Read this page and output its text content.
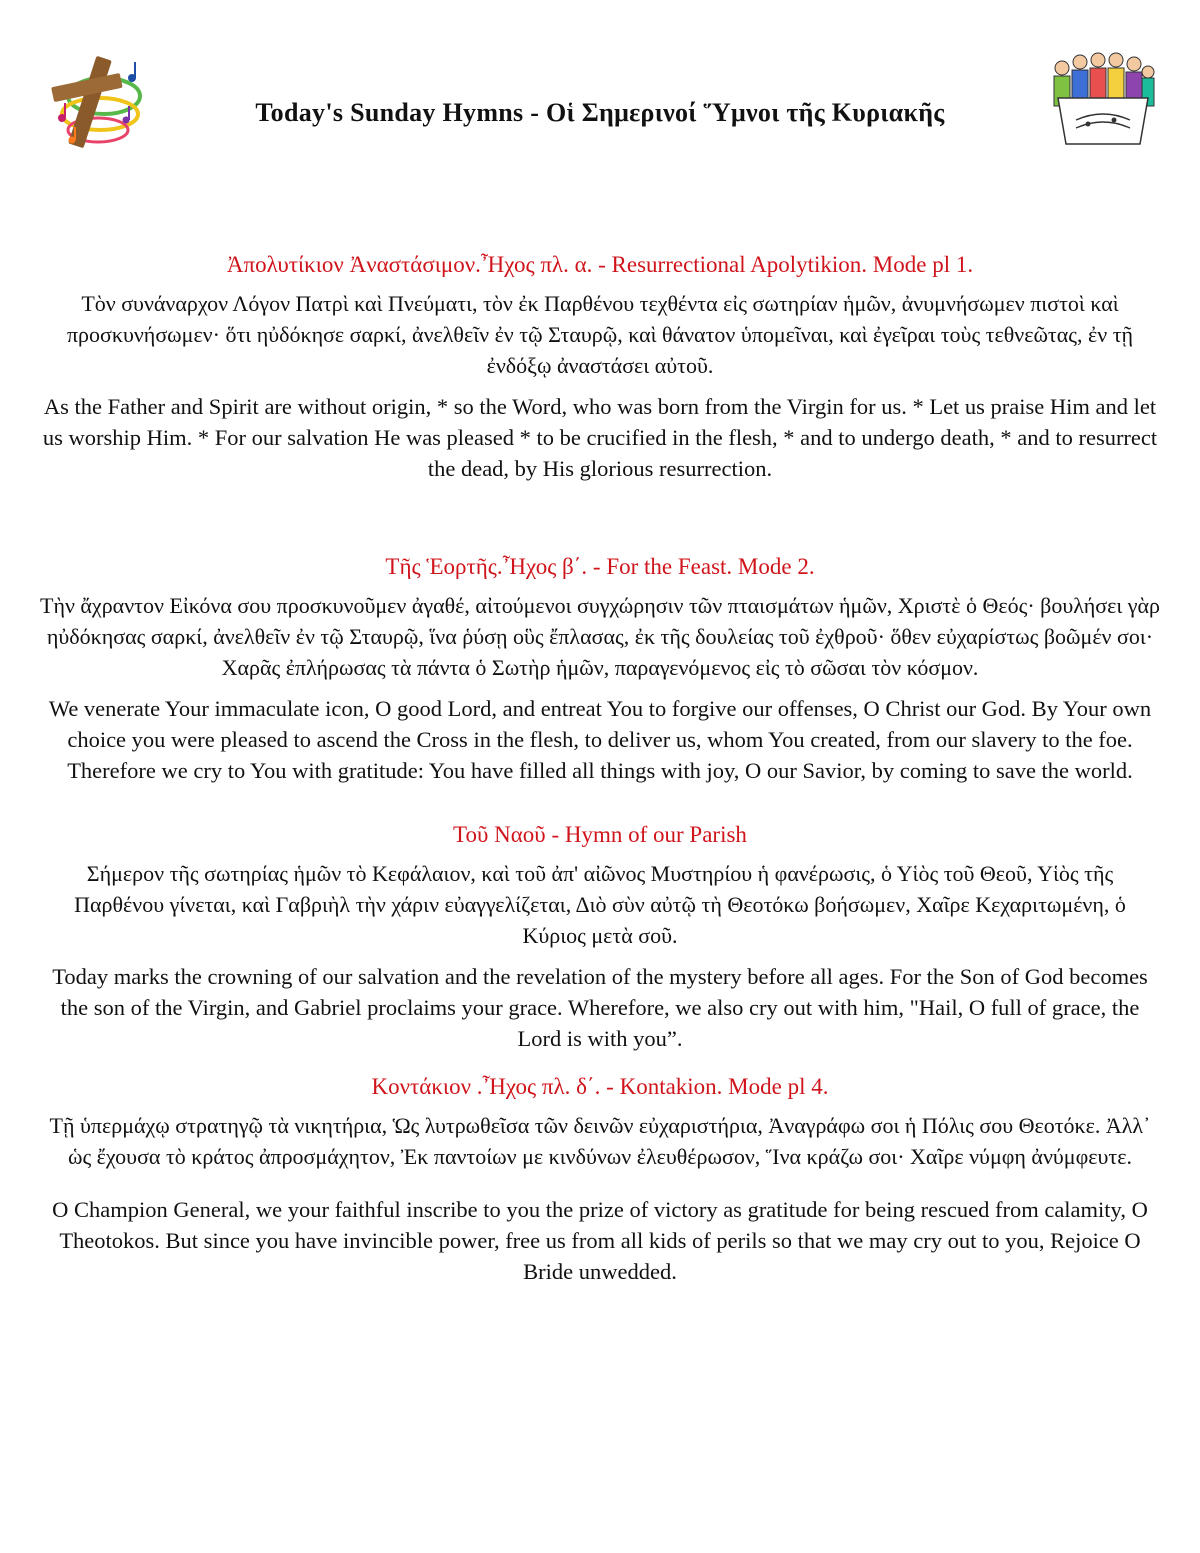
Today's Sunday Hymns - Οἱ Σημερινοί Ὕμνοι τῆς Κυριακῆς

Ἀπολυτίκιον Ἀναστάσιμον.Ἦχος πλ. α. - Resurrectional Apolytikion. Mode pl 1.

Τὸν συνάναρχον Λόγον Πατρὶ καὶ Πνεύματι, τὸν ἐκ Παρθένου τεχθέντα εἰς σωτηρίαν ἡμῶν, ἀνυμνήσωμεν πιστοὶ καὶ προσκυνήσωμεν· ὅτι ηὐδόκησε σαρκί, ἀνελθεῖν ἐν τῷ Σταυρῷ, καὶ θάνατον ὑπομεῖναι, καὶ ἐγεῖραι τοὺς τεθνεῶτας, ἐν τῇ ἐνδόξῳ ἀναστάσει αὐτοῦ.

As the Father and Spirit are without origin, * so the Word, who was born from the Virgin for us. * Let us praise Him and let us worship Him. * For our salvation He was pleased * to be crucified in the flesh, * and to undergo death, * and to resurrect the dead, by His glorious resurrection.

Τῆς Ἑορτῆς.Ἦχος β΄. - For the Feast. Mode 2.

Τὴν ἄχραντον Εἰκόνα σου προσκυνοῦμεν ἀγαθέ, αἰτούμενοι συγχώρησιν τῶν πταισμάτων ἡμῶν, Χριστὲ ὁ Θεός· βουλήσει γὰρ ηὐδόκησας σαρκί, ἀνελθεῖν ἐν τῷ Σταυρῷ, ἵνα ῥύσῃ οὓς ἔπλασας, ἐκ τῆς δουλείας τοῦ ἐχθροῦ· ὅθεν εὐχαρίστως βοῶμέν σοι· Χαρᾶς ἐπλήρωσας τὰ πάντα ὁ Σωτὴρ ἡμῶν, παραγενόμενος εἰς τὸ σῶσαι τὸν κόσμον.

We venerate Your immaculate icon, O good Lord, and entreat You to forgive our offenses, O Christ our God. By Your own choice you were pleased to ascend the Cross in the flesh, to deliver us, whom You created, from our slavery to the foe. Therefore we cry to You with gratitude: You have filled all things with joy, O our Savior, by coming to save the world.

Τοῦ Ναοῦ - Hymn of our Parish

Σήμερον τῆς σωτηρίας ἡμῶν τὸ Κεφάλαιον, καὶ τοῦ ἀπ' αἰῶνος Μυστηρίου ἡ φανέρωσις, ὁ Υἱὸς τοῦ Θεοῦ, Υἱὸς τῆς Παρθένου γίνεται, καὶ Γαβριὴλ τὴν χάριν εὐαγγελίζεται, Διὸ σὺν αὐτῷ τὴ Θεοτόκω βοήσωμεν, Χαῖρε Κεχαριτωμένη, ὁ Κύριος μετὰ σοῦ.

Today marks the crowning of our salvation and the revelation of the mystery before all ages. For the Son of God becomes the son of the Virgin, and Gabriel proclaims your grace. Wherefore, we also cry out with him, "Hail, O full of grace, the Lord is with you”.

Κοντάκιον .Ἦχος πλ. δ΄. - Kontakion. Mode pl 4.

Τῇ ὑπερμάχῳ στρατηγῷ τὰ νικητήρια, Ὡς λυτρωθεῖσα τῶν δεινῶν εὐχαριστήρια, Ἀναγράφω σοι ἡ Πόλις σου Θεοτόκε. Ἀλλ᾿ ὡς ἔχουσα τὸ κράτος ἀπροσμάχητον, Ἐκ παντοίων με κινδύνων ἐλευθέρωσον, Ἵνα κράζω σοι· Χαῖρε νύμφη ἀνύμφευτε.

O Champion General, we your faithful inscribe to you the prize of victory as gratitude for being rescued from calamity, O Theotokos. But since you have invincible power, free us from all kids of perils so that we may cry out to you, Rejoice O Bride unwedded.
